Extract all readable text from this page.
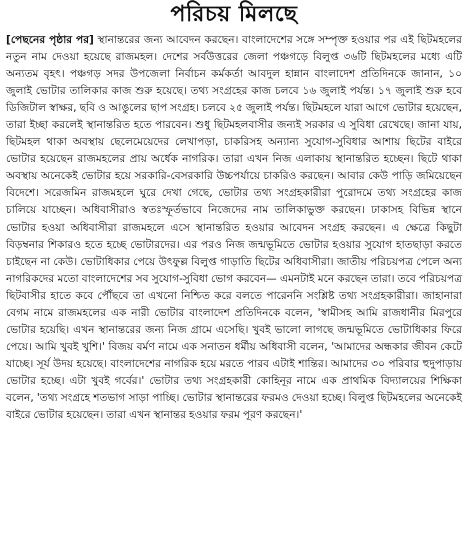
পরিচয় মিলছে

[পেছনের পৃষ্ঠার পর] স্থানান্তরের জন্য আবেদন করছেন। বাংলাদেশের সঙ্গে সম্পৃক্ত হওয়ার পর এই ছিটমহলের নতুন নাম দেওয়া হয়েছে রাজমহল। দেশের সর্বউত্তরের জেলা পঞ্চগড়ে বিলুপ্ত ৩৬টি ছিটমহলের মধ্যে এটি অন্যতম বৃহৎ। পঞ্চগড় সদর উপজেলা নির্বাচন কর্মকর্তা আবদুল হান্নান বাংলাদেশ প্রতিদিনকে জানান, ১০ জুলাই ভোটার তালিকার কাজ শুরু হয়েছে। তথ্য সংগ্রহের কাজ চলবে ১৬ জুলাই পর্যন্ত। ১৭ জুলাই শুরু হবে ডিজিটাল স্বাক্ষর, ছবি ও আঙুলের ছাপ সংগ্রহ। চলবে ২৫ জুলাই পর্যন্ত। ছিটমহলে যারা আগে ভোটার হয়েছেন, তারা ইচ্ছা করলেই স্থানান্তরিত হতে পারবেন। শুধু ছিটমহলবাসীর জন্যই সরকার এ সুবিধা রেখেছে। জানা যায়, ছিটমহল থাকা অবস্থায় ছেলেমেয়েদের লেখাপড়া, চাকরিসহ অন্যান্য সুযোগ-সুবিধার আশায় ছিটের বাইরে ভোটার হয়েছেন রাজমহলের প্রায় অর্ধেক নাগরিক। তারা এখন নিজ এলাকায় স্থানান্তরিত হচ্ছেন। ছিটে থাকা অবস্থায় অনেকেই ভোটার হয়ে সরকারি-বেসরকারি উচ্চপর্যায়ে চাকরিও করছেন। আবার কেউ পাড়ি জমিয়েছেন বিদেশে। সরেজমিন রাজমহলে ঘুরে দেখা গেছে, ভোটার তথ্য সংগ্রহকারীরা পুরোদমে তথ্য সংগ্রহের কাজ চালিয়ে যাচ্ছেন। অধিবাসীরাও স্বতঃস্ফূর্তভাবে নিজেদের নাম তালিকাভুক্ত করছেন। ঢাকাসহ বিভিন্ন স্থানে ভোটার হওয়া অধিবাসীরা রাজমহলে এসে স্থানান্তরিত হওয়ার আবেদন সংগ্রহ করছেন। এ ক্ষেত্রে কিছুটা বিড়ম্বনার শিকারও হতে হচ্ছে ভোটারদের। এর পরও নিজ জন্মভূমিতে ভোটার হওয়ার সুযোগ হাতছাড়া করতে চাইছেন না কেউ। ভোটাধিকার পেয়ে উৎফুল্ল বিলুপ্ত গাড়াতি ছিটের অধিবাসীরা। জাতীয় পরিচয়পত্র পেলে অন্য নাগরিকদের মতো বাংলাদেশের সব সুযোগ-সুবিধা ভোগ করবেন— এমনটাই মনে করছেন তারা। তবে পরিচয়পত্র ছিটবাসীর হাতে কবে পৌঁছবে তা এখনো নিশ্চিত করে বলতে পারেননি সংশ্লিষ্ট তথ্য সংগ্রহকারীরা। জাহানারা বেগম নামে রাজমহলের এক নারী ভোটার বাংলাদেশ প্রতিদিনকে বলেন, 'স্বামীসহ আমি রাজধানীর মিরপুরে ভোটার হয়েছি। এখন স্থানান্তরের জন্য নিজ গ্রামে এসেছি। খুবই ভালো লাগছে জন্মভূমিতে ভোটাধিকার ফিরে পেয়ে। আমি খুবই খুশি।' বিজয় বর্মণ নামে এক সনাতন ধর্মীয় অধিবাসী বলেন, 'আমাদের অন্ধকার জীবন কেটে যাচ্ছে। সূর্য উদয় হয়েছে। বাংলাদেশের নাগরিক হয়ে মরতে পারব এটাই শান্তির। আমাদের ৩০ পরিবার হুদুপাড়ায় ভোটার হচ্ছে। এটা খুবই গর্বের।' ভোটার তথ্য সংগ্রহকারী কোহিনূর নামে এক প্রাথমিক বিদ্যালয়ের শিক্ষিকা বলেন, 'তথ্য সংগ্রহে শতভাগ সাড়া পাচ্ছি। ভোটার স্থানান্তরের ফরমও দেওয়া হচ্ছে। বিলুপ্ত ছিটমহলের অনেকেই বাইরে ভোটার হয়েছেন। তারা এখন স্থানান্তর হওয়ার ফরম পূরণ করছেন।'
